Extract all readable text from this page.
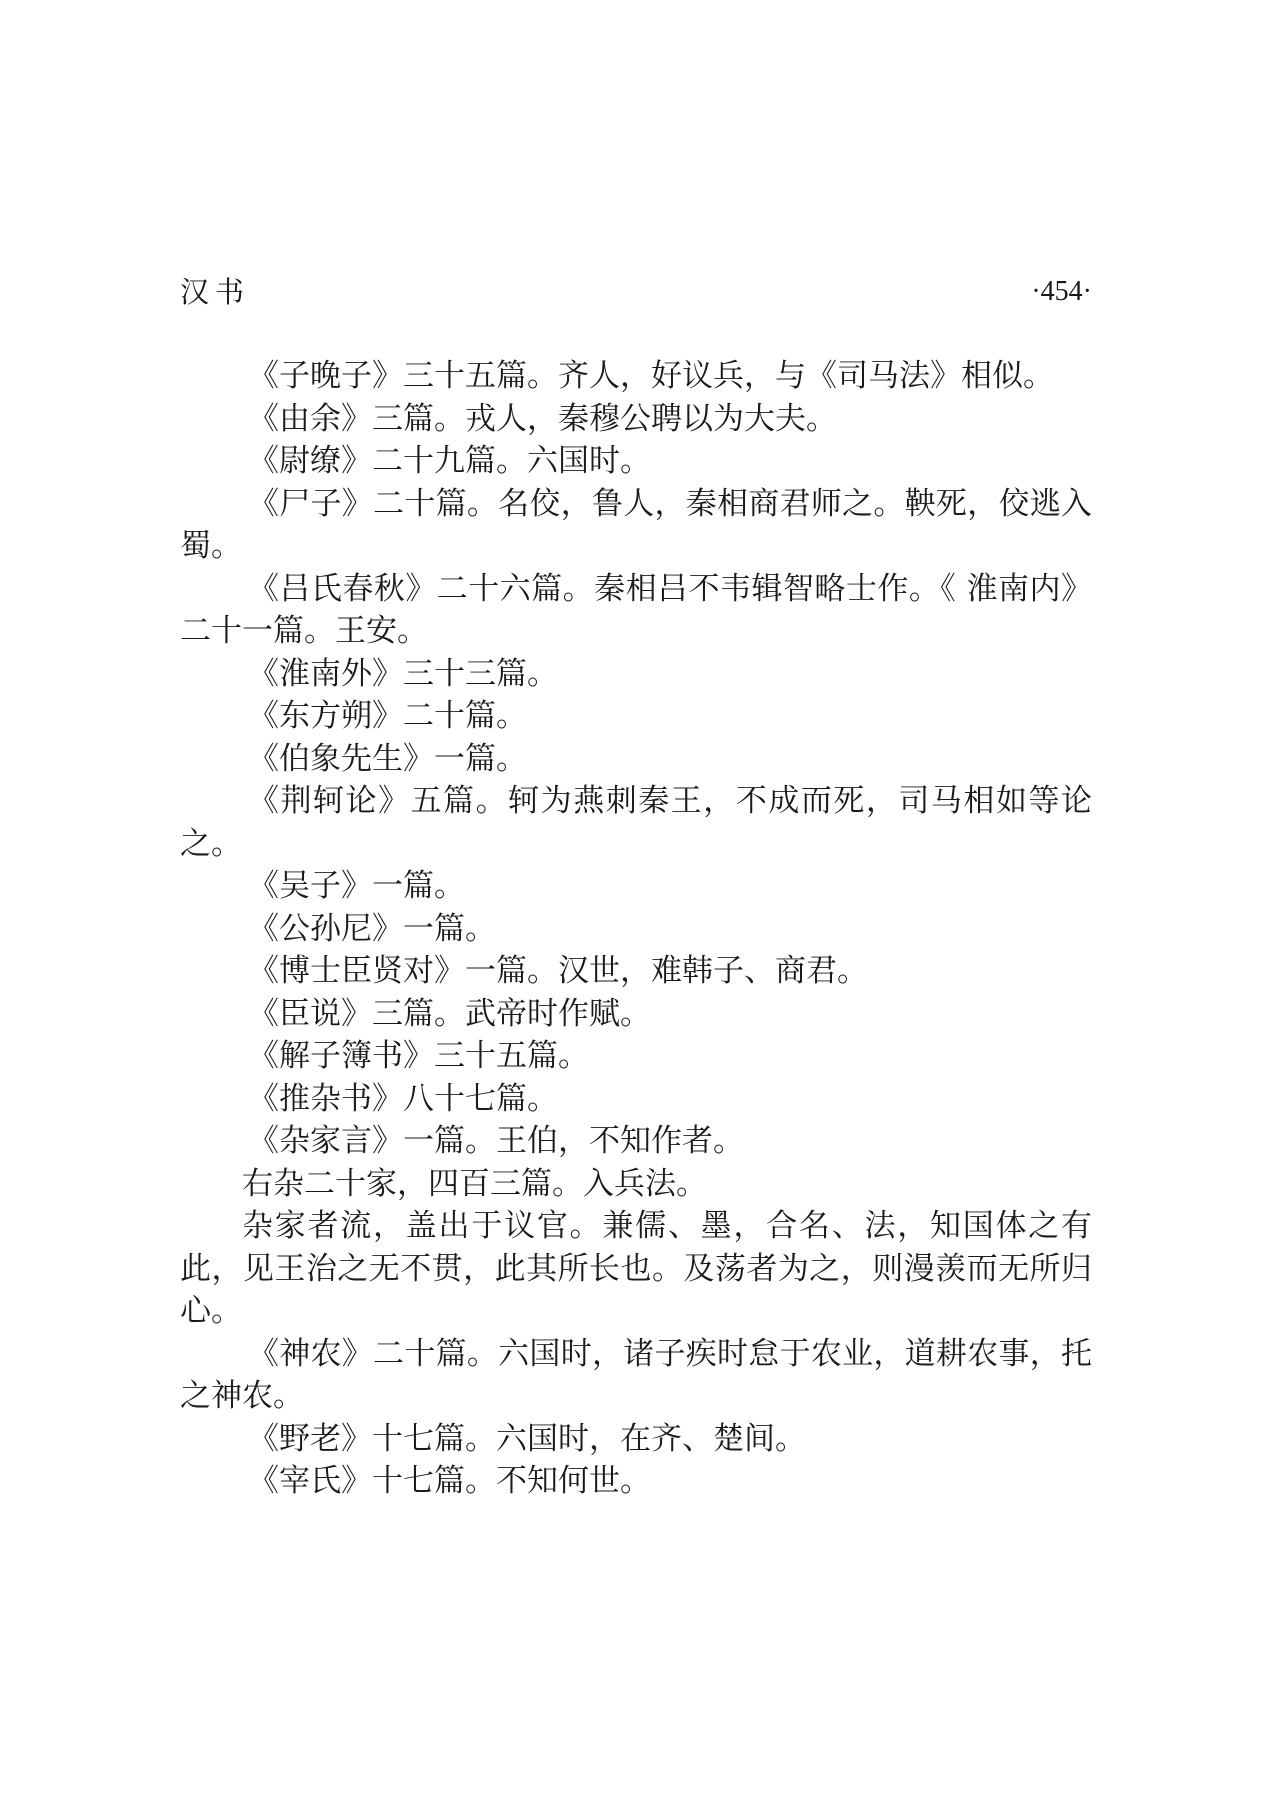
汉书	·454·

《子晚子》三十五篇。齐人，好议兵，与《司马法》相似。

《由余》三篇。戎人，秦穆公聘以为大夫。

《尉缭》二十九篇。六国时。

《尸子》二十篇。名佼，鲁人，秦相商君师之。鞅死，佼逃入蜀。

《吕氏春秋》二十六篇。秦相吕不韦辑智略士作。《 淮南内》二十一篇。王安。

《淮南外》三十三篇。

《东方朔》二十篇。

《伯象先生》一篇。

《荆轲论》五篇。轲为燕刺秦王，不成而死，司马相如等论之。

《吴子》一篇。

《公孙尼》一篇。

《博士臣贤对》一篇。汉世，难韩子、商君。

《臣说》三篇。武帝时作赋。

《解子簿书》三十五篇。

《推杂书》八十七篇。

《杂家言》一篇。王伯，不知作者。

右杂二十家，四百三篇。入兵法。

杂家者流，盖出于议官。兼儒、墨，合名、法，知国体之有此，见王治之无不贯，此其所长也。及荡者为之，则漫羡而无所归心。

《神农》二十篇。六国时，诸子疾时怠于农业，道耕农事，托之神农。

《野老》十七篇。六国时，在齐、楚间。

《宰氏》十七篇。不知何世。
